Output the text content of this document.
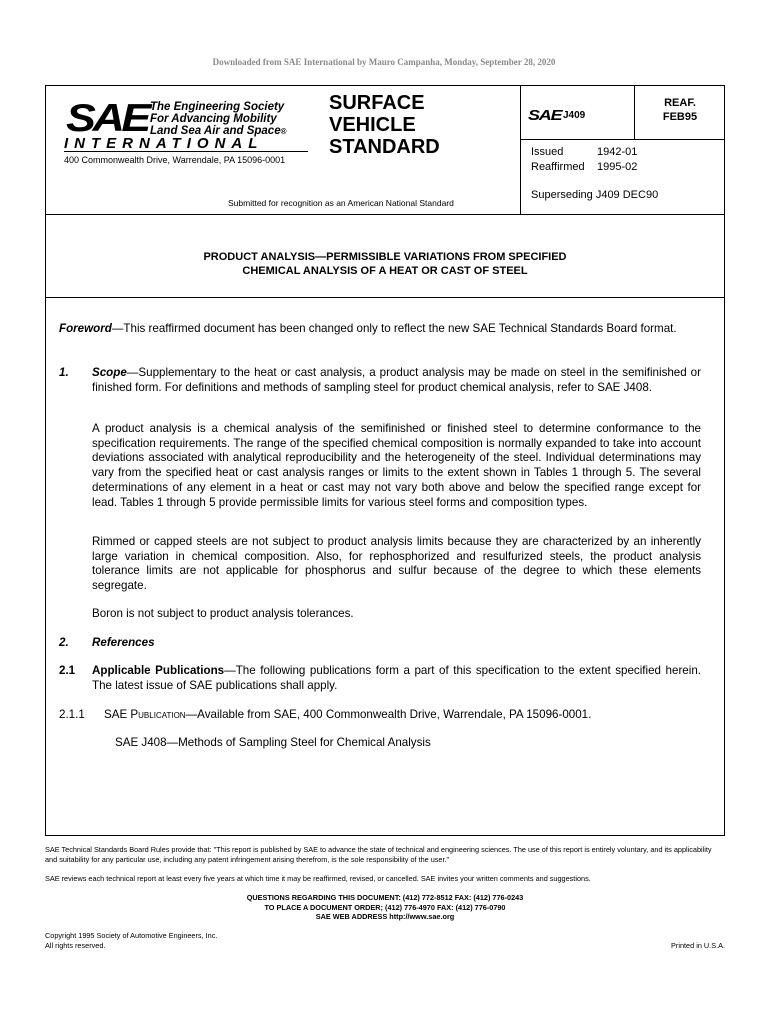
Downloaded from SAE International by Mauro Campanha, Monday, September 28, 2020
SAE The Engineering Society
For Advancing Mobility
Land Sea Air and Space®
INTERNATIONAL
400 Commonwealth Drive, Warrendale, PA 15096-0001
SURFACE
VEHICLE
STANDARD
Submitted for recognition as an American National Standard
SAE J409
REAF.
FEB95
Issued	1942-01
Reaffirmed 1995-02
Superseding J409 DEC90
PRODUCT ANALYSIS—PERMISSIBLE VARIATIONS FROM SPECIFIED
CHEMICAL ANALYSIS OF A HEAT OR CAST OF STEEL
Foreword—This reaffirmed document has been changed only to reflect the new SAE Technical Standards Board format.
1. Scope—Supplementary to the heat or cast analysis, a product analysis may be made on steel in the semifinished or finished form. For definitions and methods of sampling steel for product chemical analysis, refer to SAE J408.
A product analysis is a chemical analysis of the semifinished or finished steel to determine conformance to the specification requirements. The range of the specified chemical composition is normally expanded to take into account deviations associated with analytical reproducibility and the heterogeneity of the steel. Individual determinations may vary from the specified heat or cast analysis ranges or limits to the extent shown in Tables 1 through 5. The several determinations of any element in a heat or cast may not vary both above and below the specified range except for lead. Tables 1 through 5 provide permissible limits for various steel forms and composition types.
Rimmed or capped steels are not subject to product analysis limits because they are characterized by an inherently large variation in chemical composition. Also, for rephosphorized and resulfurized steels, the product analysis tolerance limits are not applicable for phosphorus and sulfur because of the degree to which these elements segregate.
Boron is not subject to product analysis tolerances.
2. References
2.1 Applicable Publications—The following publications form a part of this specification to the extent specified herein. The latest issue of SAE publications shall apply.
2.1.1 SAE Publication—Available from SAE, 400 Commonwealth Drive, Warrendale, PA 15096-0001.
SAE J408—Methods of Sampling Steel for Chemical Analysis
SAE Technical Standards Board Rules provide that: "This report is published by SAE to advance the state of technical and engineering sciences. The use of this report is entirely voluntary, and its applicability and suitability for any particular use, including any patent infringement arising therefrom, is the sole responsibility of the user."
SAE reviews each technical report at least every five years at which time it may be reaffirmed, revised, or cancelled. SAE invites your written comments and suggestions.
QUESTIONS REGARDING THIS DOCUMENT: (412) 772-8512 FAX: (412) 776-0243
TO PLACE A DOCUMENT ORDER; (412) 776-4970 FAX: (412) 776-0790
SAE WEB ADDRESS http://www.sae.org
Copyright 1995 Society of Automotive Engineers, Inc.
All rights reserved.	Printed in U.S.A.
